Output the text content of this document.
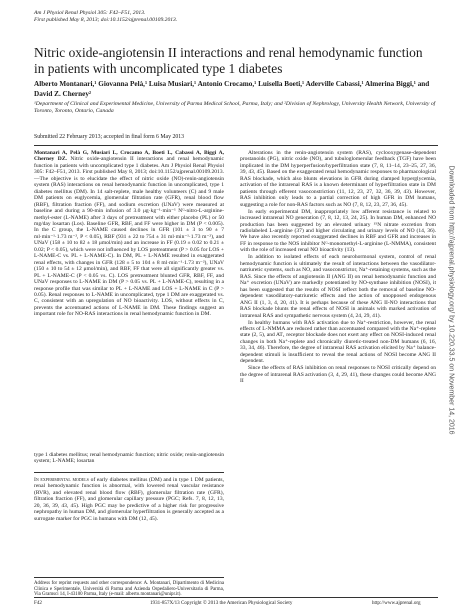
Am J Physiol Renal Physiol 305: F42–F51, 2013.
First published May 8, 2013; doi:10.1152/ajprenal.00109.2013.
Nitric oxide-angiotensin II interactions and renal hemodynamic function in patients with uncomplicated type 1 diabetes
Alberto Montanari,¹ Giovanna Pelà,¹ Luisa Musiari,¹ Antonio Crocamo,¹ Luisella Boeti,¹ Aderville Cabassi,¹ Almerina Biggi,¹ and David Z. Cherney²
¹Department of Clinical and Experimental Medicine, University of Parma Medical School, Parma, Italy; and ²Division of Nephrology, University Health Network, University of Toronto, Toronto, Ontario, Canada
Submitted 22 February 2013; accepted in final form 6 May 2013
Montanari A, Pelà G, Musiari L, Crocamo A, Boeti L, Cabassi A, Biggi A, Cherney DZ. Nitric oxide-angiotensin II interactions and renal hemodynamic function in patients with uncomplicated type 1 diabetes. Am J Physiol Renal Physiol 305: F42–F51, 2013. First published May 8, 2013; doi:10.1152/ajprenal.00109.2013.—The objective is to elucidate the effect of nitric oxide (NO)-renin-angiotensin system (RAS) interactions on renal hemodynamic function in uncomplicated, type 1 diabetes mellitus (DM). In 14 salt-replete, male healthy volunteers (C) and 9 male DM patients on euglycemia, glomerular filtration rate (GFR), renal blood flow (RBF), filtration fraction (FF), and sodium excretion (UNaV) were measured at baseline and during a 90-min infusion of 3.0 μg·kg⁻¹·min⁻¹ Nᴳ-nitro-L-arginine-methyl-ester (L-NAME) after 3 days of pretreatment with either placebo (PL) or 50 mg/day losartan (Los). Baseline GFR, RBF, and FF were higher in DM (P < 0.005). In the C group, the L-NAME caused declines in GFR (101 ± 3 to 90 ± 7 ml·min⁻¹·1.73 m⁻², P < 0.05), RBF (931 ± 22 to 754 ± 31 ml·min⁻¹·1.73 m⁻²), and UNaV (158 ± 10 to 82 ± 18 μmol/min) and an increase in FF (0.19 ± 0.02 to 0.21 ± 0.02; P < 0.05), which were not influenced by LOS pretreatment (P > 0.05 for LOS + L-NAME-C vs. PL + L-NAME-C). In DM, PL + L-NAME resulted in exaggerated renal effects, with changes in GFR (128 ± 5 to 104 ± 8 ml·min⁻¹·1.73 m⁻²), UNaV (150 ± 10 to 54 ± 12 μmol/min), and RBF, FF that were all significantly greater vs. PL + L-NAME-C (P < 0.05 vs. C). LOS pretreatment blunted GFR, RBF, FF, and UNaV responses to L-NAME in DM (P > 0.05 vs. PL + L-NAME-C), resulting in a response profile that was similar to PL + L-NAME and LOS + L-NAME in C (P > 0.05). Renal responses to L-NAME in uncomplicated, type 1 DM are exaggerated vs. C, consistent with an upregulation of NO bioactivity. LOS, without effects in C, prevents the accentuated actions of L-NAME in DM. These findings suggest an important role for NO-RAS interactions in renal hemodynamic function in DM.
type 1 diabetes mellitus; renal hemodynamic function; nitric oxide; renin-angiotensin system; L-NAME; losartan
In experimental models of early diabetes mellitus (DM) and in type 1 DM patients, renal hemodynamic function is abnormal, with lowered renal vascular resistance (RVR), and elevated renal blood flow (RBF), glomerular filtration rate (GFR), filtration fraction (FF), and glomerular capillary pressure (PGC; Refs. 7, 8, 12, 13, 20, 36, 39, 43, 45). High PGC may be predictive of a higher risk for progressive nephropathy in human DM, and glomerular hyperfiltration is generally accepted as a surrogate marker for PGC in humans with DM (12, 45).
Address for reprint requests and other correspondence: A. Montanari, Dipartimento di Medicina Clinica e Sperimentale, Università di Parma and Azienda Ospedaliero-Universitaria di Parma, Via Gramsci 14, I-43100 Parma, Italy (e-mail: alberto.montanari@unipr.it).

Alterations in the renin-angiotensin system (RAS), cyclooxygenase-dependent prostanoids (PG), nitric oxide (NO), and tubuloglomerular feedback (TGF) have been implicated in the DM hyperperfusion/hyperfiltration state (7, 8, 11–14, 23–25, 27, 36, 39, 43, 45). Based on the exaggerated renal hemodynamic responses to pharmacological RAS blockade, which also blunts elevations in GFR during clamped hyperglycemia, activation of the intrarenal RAS is a known determinant of hyperfiltration state in DM patients through efferent vasoconstriction (11, 12, 23, 27, 32, 36, 39, 43). However, RAS inhibition only leads to a partial correction of high GFR in DM humans, suggesting a role for non-RAS factors such as NO (7, 8, 12, 23, 27, 36, 45).

In early experimental DM, inappropriately low afferent resistance is related to increased intrarenal NO generation (7, 8, 12, 13, 24, 25). In human DM, enhanced NO production has been suggested by an elevated urinary ¹⁵N nitrate excretion from radiolabeled L-arginine (37) and higher circulating and urinary levels of NO (14, 36). We have also recently reported exaggerated declines in RBF and GFR and increases in FF in response to the NOS inhibitor Nᴳ-monomethyl-L-arginine (L-NMMA), consistent with the role of increased renal NO bioactivity (13).

In addition to isolated effects of each neurohormonal system, control of renal hemodynamic function is ultimately the result of interactions between the vasodilator-natriuretic systems, such as NO, and vasoconstrictor, Na⁺-retaining systems, such as the RAS. Since the effects of angiotensin II (ANG II) on renal hemodynamic function and Na⁺ excretion (UNaV) are markedly potentiated by NO-synthase inhibition (NOSI), it has been suggested that the results of NOSI reflect both the removal of baseline NO-dependent vasodilatory-natriuretic effects and the action of unopposed endogenous ANG II (1, 3, 4, 20, 41). It is perhaps because of these ANG II-NO interactions that RAS blockade blunts the renal effects of NOSI in animals with marked activation of intrarenal RAS and sympathetic nervous system (4, 24, 29, 41).

In healthy humans with RAS activation due to Na⁺-restriction, however, the renal effects of L-NMMA are reduced rather than accentuated compared with the Na⁺-replete state (2, 5), and AT₁ receptor blockade does not exert any effect on NOSI-induced renal changes in both Na⁺-replete and chronically diuretic-treated non-DM humans (6, 16, 33, 34, 46). Therefore, the degree of intrarenal RAS activation elicited by Na⁺ balance-dependent stimuli is insufficient to reveal the renal actions of NOSI become ANG II dependent.

Since the effects of RAS inhibition on renal responses to NOSI critically depend on the degree of intrarenal RAS activation (3, 4, 29, 41), these changes could become ANG II

F42	1931-857X/13 Copyright © 2013 the American Physiological Society	http://www.ajprenal.org
Downloaded from http://ajprenal.physiology.org/ by 10.220.33.5 on November 14, 2016
